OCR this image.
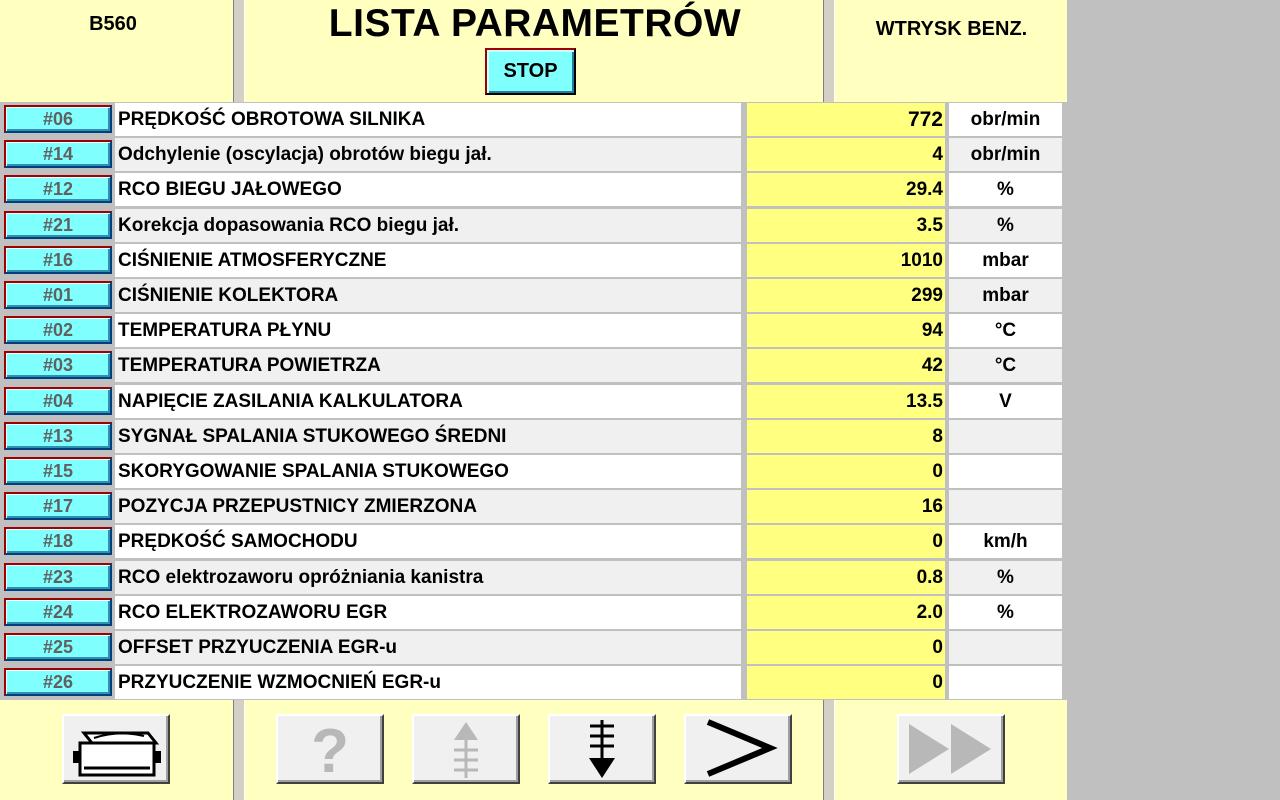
B560	LISTA PARAMETRÓW
STOP
WTRYSK BENZ.
#06	PRĘDKOŚĆ OBROTOWA SILNIKA	772	obr/min
#14	Odchylenie (oscylacja) obrotów biegu jał.	4	obr/min
#12	RCO BIEGU JAŁOWEGO	29.4	%
#21	Korekcja dopasowania RCO biegu jał.	3.5	%
#16	CIŚNIENIE ATMOSFERYCZNE	1010	mbar
#01	CIŚNIENIE KOLEKTORA	299	mbar
#02	TEMPERATURA PŁYNU	94	°C
#03	TEMPERATURA POWIETRZA	42	°C
#04	NAPIĘCIE ZASILANIA KALKULATORA	13.5	V
#13	SYGNAŁ SPALANIA STUKOWEGO ŚREDNI	8
#15	SKORYGOWANIE SPALANIA STUKOWEGO	0
#17	POZYCJA PRZEPUSTNICY ZMIERZONA	16
#18	PRĘDKOŚĆ SAMOCHODU	0	km/h
#23	RCO elektrozaworu opróżniania kanistra	0.8	%
#24	RCO ELEKTROZAWORU EGR	2.0	%
#25	OFFSET PRZYUCZENIA EGR-u	0
#26	PRZYUCZENIE WZMOCNIEŃ EGR-u	0
?
